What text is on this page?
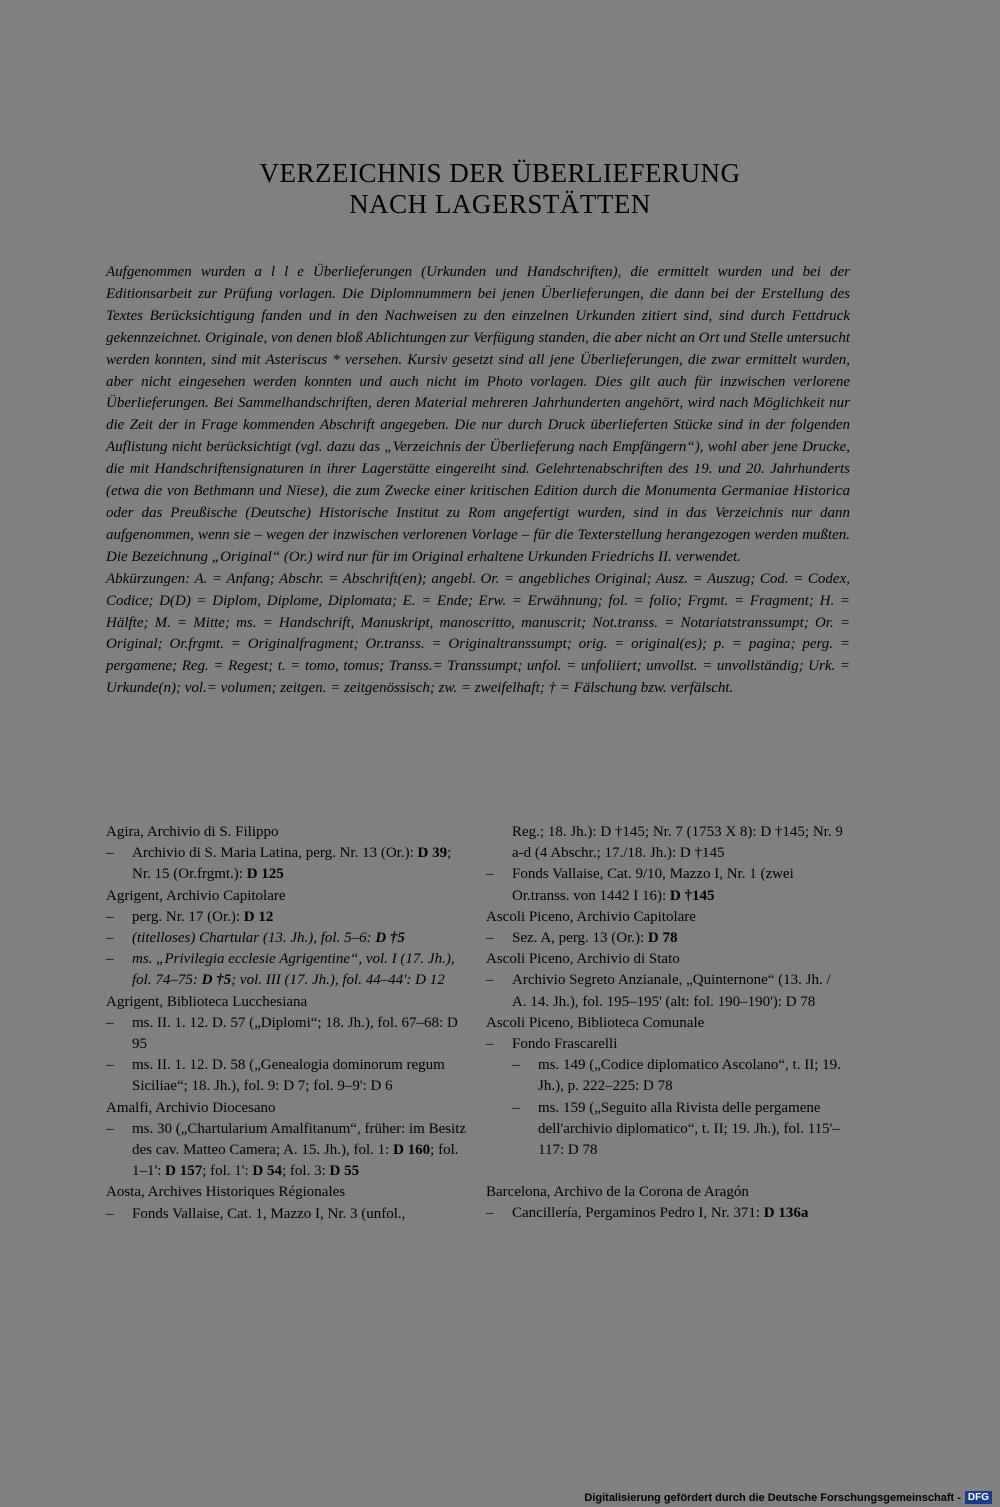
VERZEICHNIS DER ÜBERLIEFERUNG
NACH LAGERSTÄTTEN

Aufgenommen wurden a l l e Überlieferungen (Urkunden und Handschriften), die ermittelt wurden und bei der Editionsarbeit zur Prüfung vorlagen. Die Diplomnummern bei jenen Überlieferungen, die dann bei der Erstellung des Textes Berücksichtigung fanden und in den Nachweisen zu den einzelnen Urkunden zitiert sind, sind durch Fettdruck gekennzeichnet. Originale, von denen bloß Ablichtungen zur Verfügung standen, die aber nicht an Ort und Stelle untersucht werden konnten, sind mit Asteriscus * versehen. Kursiv gesetzt sind all jene Überlieferungen, die zwar ermittelt wurden, aber nicht eingesehen werden konnten und auch nicht im Photo vorlagen. Dies gilt auch für inzwischen verlorene Überlieferungen. Bei Sammelhandschriften, deren Material mehreren Jahrhunderten angehört, wird nach Möglichkeit nur die Zeit der in Frage kommenden Abschrift angegeben. Die nur durch Druck überlieferten Stücke sind in der folgenden Auflistung nicht berücksichtigt (vgl. dazu das „Verzeichnis der Überlieferung nach Empfängern“), wohl aber jene Drucke, die mit Handschriftensignaturen in ihrer Lagerstätte eingereiht sind. Gelehrtenabschriften des 19. und 20. Jahrhunderts (etwa die von Bethmann und Niese), die zum Zwecke einer kritischen Edition durch die Monumenta Germaniae Historica oder das Preußische (Deutsche) Historische Institut zu Rom angefertigt wurden, sind in das Verzeichnis nur dann aufgenommen, wenn sie – wegen der inzwischen verlorenen Vorlage – für die Texterstellung herangezogen werden mußten. Die Bezeichnung „Original“ (Or.) wird nur für im Original erhaltene Urkunden Friedrichs II. verwendet.

Abkürzungen: A. = Anfang; Abschr. = Abschrift(en); angebl. Or. = angebliches Original; Ausz. = Auszug; Cod. = Codex, Codice; D(D) = Diplom, Diplome, Diplomata; E. = Ende; Erw. = Erwähnung; fol. = folio; Frgmt. = Fragment; H. = Hälfte; M. = Mitte; ms. = Handschrift, Manuskript, manoscritto, manuscrit; Not.transs. = Notariatstranssumpt; Or. = Original; Or.frgmt. = Originalfragment; Or.transs. = Originaltranssumpt; orig. = original(es); p. = pagina; perg. = pergamene; Reg. = Regest; t. = tomo, tomus; Transs.= Transsumpt; unfol. = unfoliiert; unvollst. = unvollständig; Urk. = Urkunde(n); vol.= volumen; zeitgen. = zeitgenössisch; zw. = zweifelhaft; † = Fälschung bzw. verfälscht.

Agira, Archivio di S. Filippo
– Archivio di S. Maria Latina, perg. Nr. 13 (Or.): D 39; Nr. 15 (Or.frgmt.): D 125
Agrigent, Archivio Capitolare
– perg. Nr. 17 (Or.): D 12
– (titelloses) Chartular (13. Jh.), fol. 5–6: D †5
– ms. „Privilegia ecclesie Agrigentine“, vol. I (17. Jh.), fol. 74–75: D †5; vol. III (17. Jh.), fol. 44–44': D 12
Agrigent, Biblioteca Lucchesiana
– ms. II. 1. 12. D. 57 („Diplomi“; 18. Jh.), fol. 67–68: D 95
– ms. II. 1. 12. D. 58 („Genealogia dominorum regum Siciliae“; 18. Jh.), fol. 9: D 7; fol. 9–9': D 6
Amalfi, Archivio Diocesano
– ms. 30 („Chartularium Amalfitanum“, früher: im Besitz des cav. Matteo Camera; A. 15. Jh.), fol. 1: D 160; fol. 1–1': D 157; fol. 1': D 54; fol. 3: D 55
Aosta, Archives Historiques Régionales
– Fonds Vallaise, Cat. 1, Mazzo I, Nr. 3 (unfol.,
Reg.; 18. Jh.): D †145; Nr. 7 (1753 X 8): D †145; Nr. 9 a-d (4 Abschr.; 17./18. Jh.): D †145
– Fonds Vallaise, Cat. 9/10, Mazzo I, Nr. 1 (zwei Or.transs. von 1442 I 16): D †145
Ascoli Piceno, Archivio Capitolare
– Sez. A, perg. 13 (Or.): D 78
Ascoli Piceno, Archivio di Stato
– Archivio Segreto Anzianale, „Quinternone“ (13. Jh. / A. 14. Jh.), fol. 195–195' (alt: fol. 190–190'): D 78
Ascoli Piceno, Biblioteca Comunale
– Fondo Frascarelli
– ms. 149 („Codice diplomatico Ascolano“, t. II; 19. Jh.), p. 222–225: D 78
– ms. 159 („Seguito alla Rivista delle pergamene dell'archivio diplomatico“, t. II; 19. Jh.), fol. 115'–117: D 78
Barcelona, Archivo de la Corona de Aragón
– Cancillería, Pergaminos Pedro I, Nr. 371: D 136a
Digitalisierung gefördert durch die Deutsche Forschungsgemeinschaft - DFG
